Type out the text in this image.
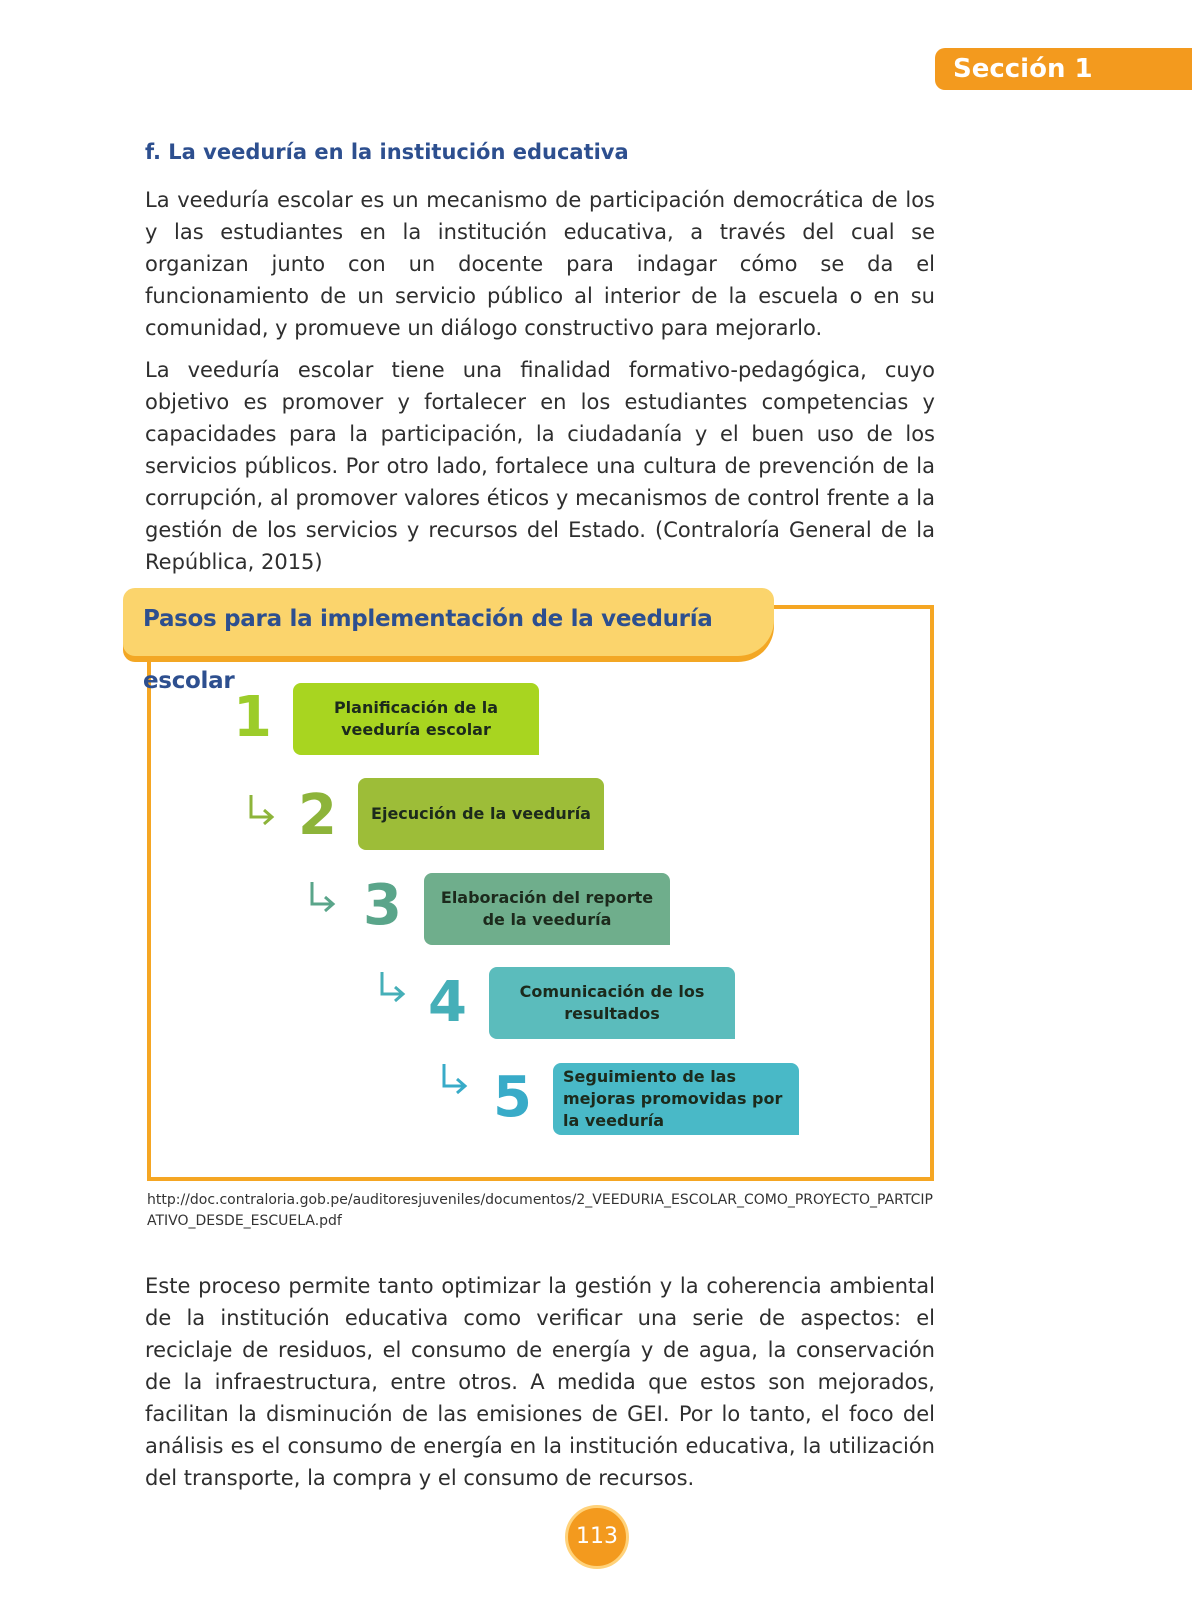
Sección 1
f. La veeduría en la institución educativa

La veeduría escolar es un mecanismo de participación democrática de los y las estudiantes en la institución educativa, a través del cual se organizan junto con un docente para indagar cómo se da el funcionamiento de un servicio público al interior de la escuela o en su comunidad, y promueve un diálogo constructivo para mejorarlo.

La veeduría escolar tiene una finalidad formativo-pedagógica, cuyo objetivo es promover y fortalecer en los estudiantes competencias y capacidades para la participación, la ciudadanía y el buen uso de los servicios públicos. Por otro lado, fortalece una cultura de prevención de la corrupción, al promover valores éticos y mecanismos de control frente a la gestión de los servicios y recursos del Estado. (Contraloría General de la República, 2015)

Pasos para la implementación de la veeduría escolar
1	Planificación de la veeduría escolar
2	Ejecución de la veeduría
3	Elaboración del reporte de la veeduría
4	Comunicación de los resultados
5	Seguimiento de las mejoras promovidas por la veeduría

http://doc.contraloria.gob.pe/auditoresjuveniles/documentos/2_VEEDURIA_ESCOLAR_COMO_PROYECTO_PARTCIPATIVO_DESDE_ESCUELA.pdf

Este proceso permite tanto optimizar la gestión y la coherencia ambiental de la institución educativa como verificar una serie de aspectos: el reciclaje de residuos, el consumo de energía y de agua, la conservación de la infraestructura, entre otros. A medida que estos son mejorados, facilitan la disminución de las emisiones de GEI. Por lo tanto, el foco del análisis es el consumo de energía en la institución educativa, la utilización del transporte, la compra y el consumo de recursos.

113
